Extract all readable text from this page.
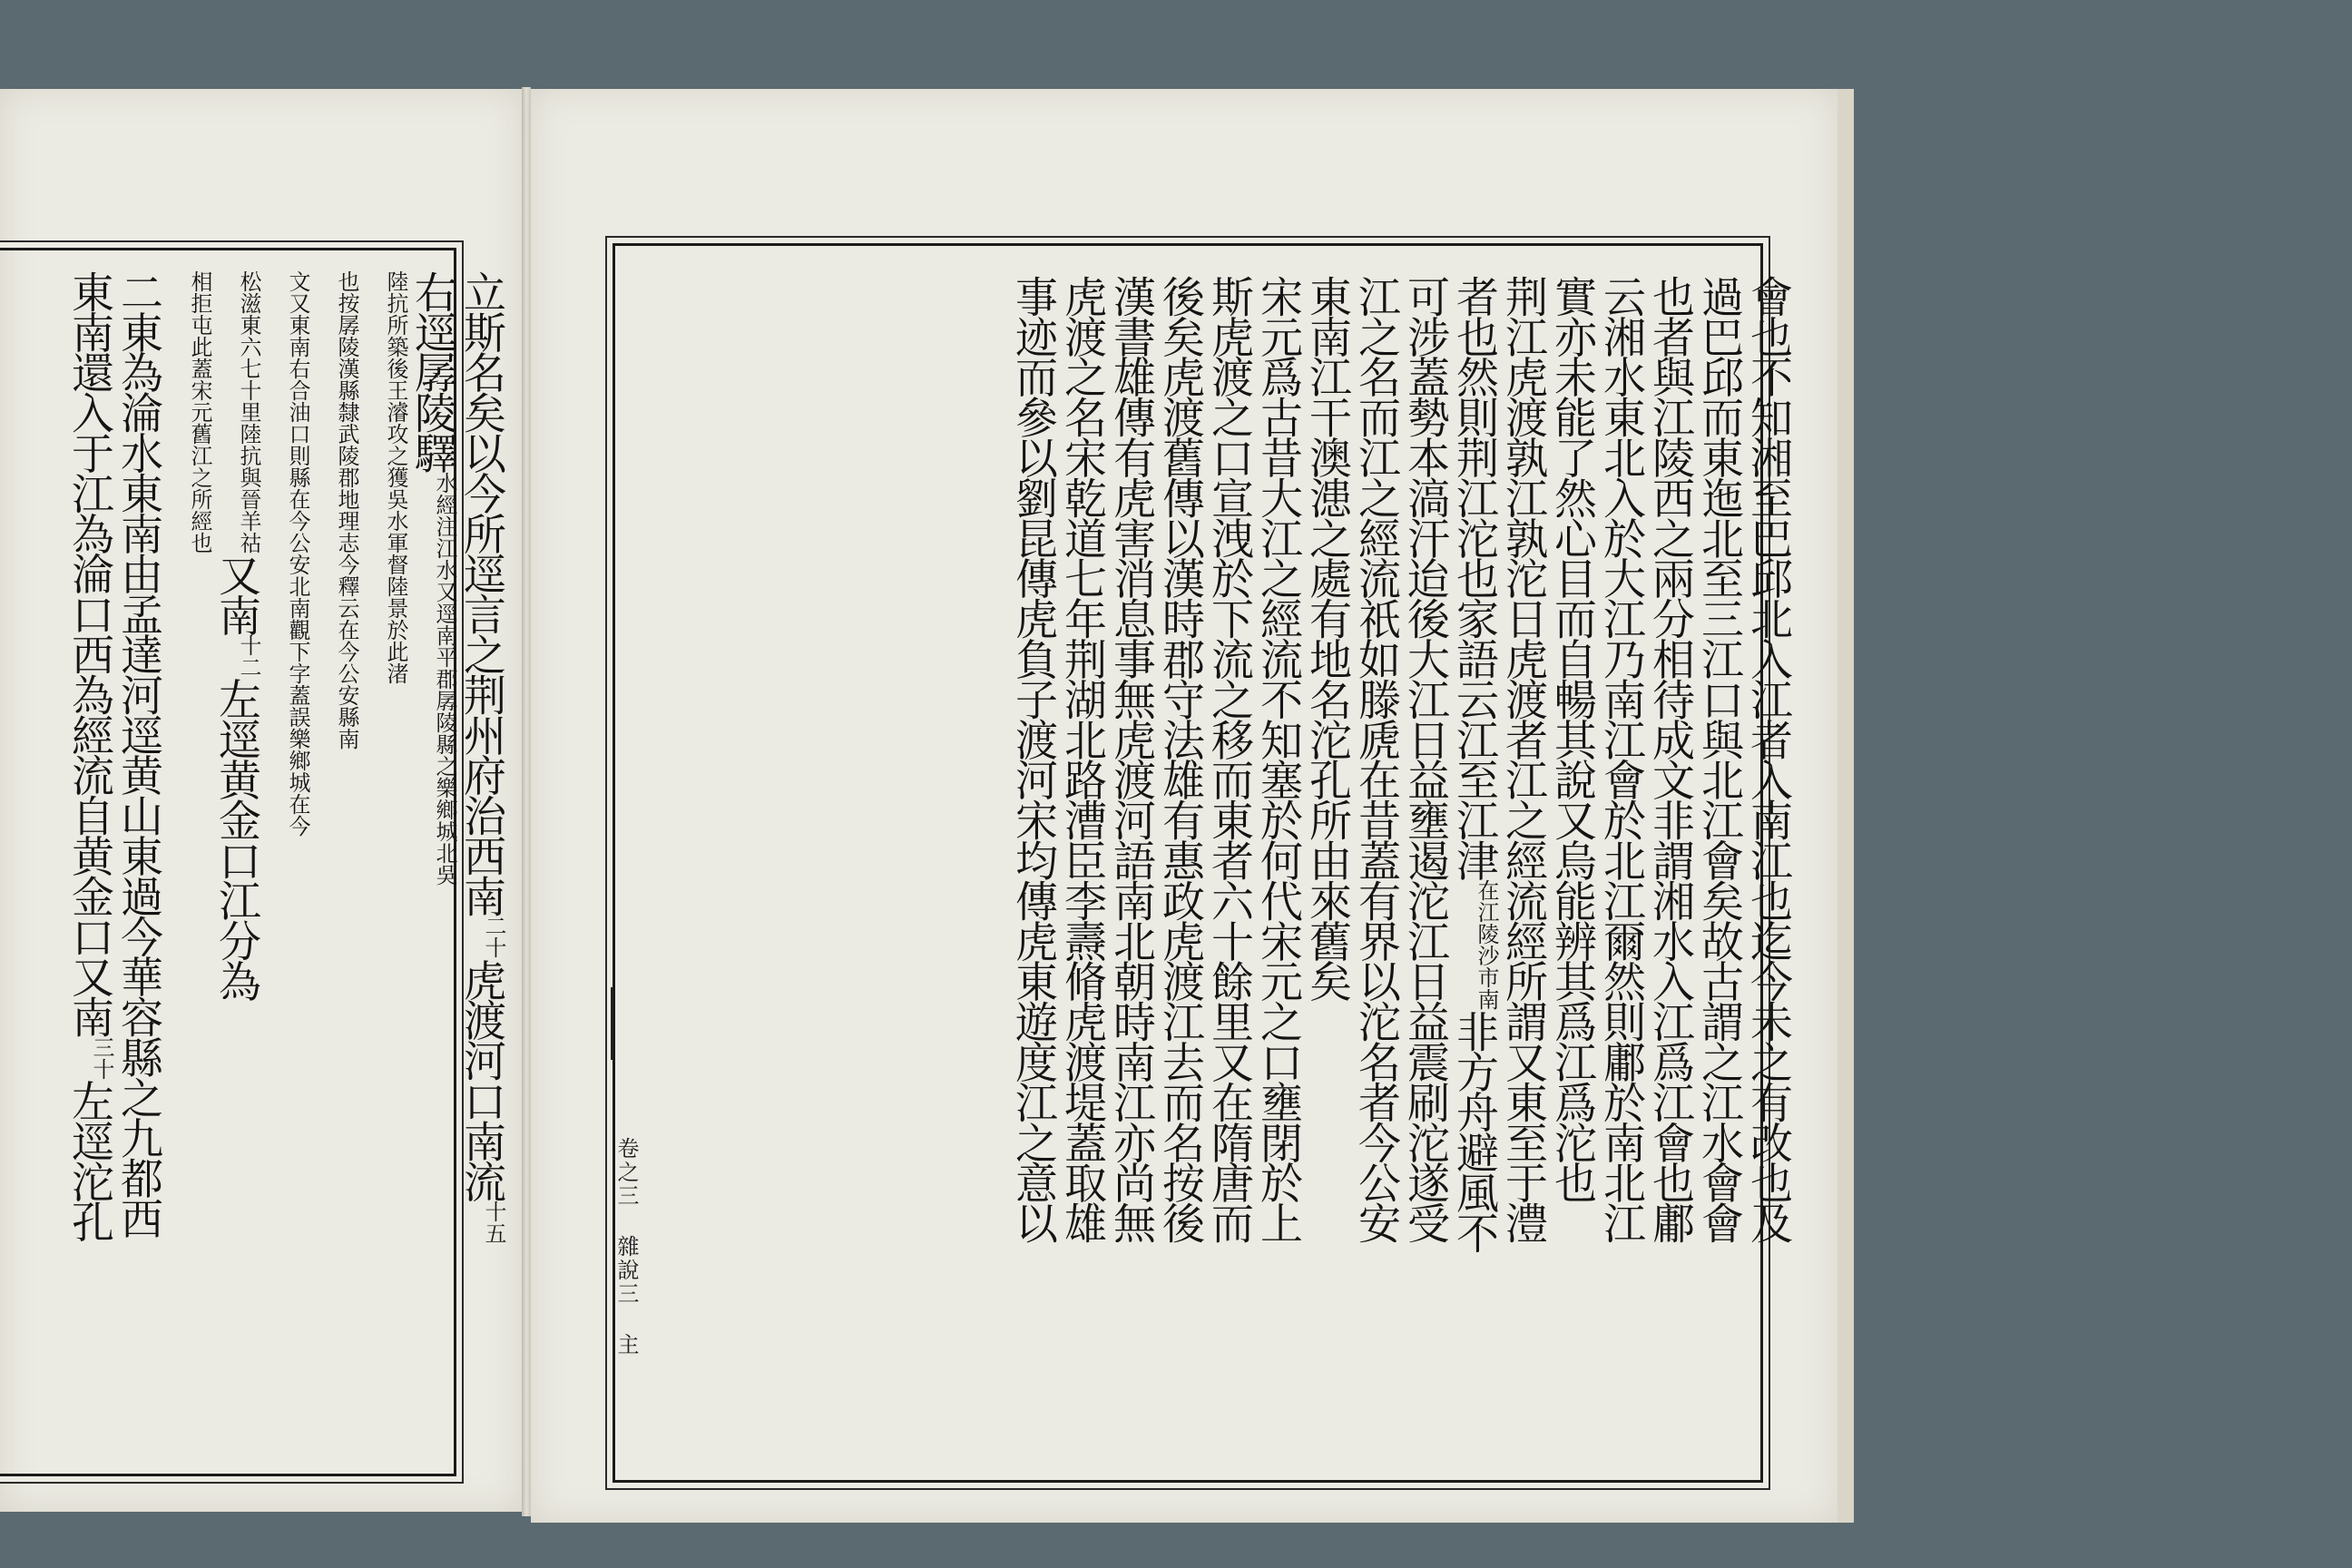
立斯名矣以今所逕言之荆州府治西南二十虎渡河口南流十五
右逕孱陵驛水經注江水又逕南平郡孱陵縣之樂鄉城北吳
陸抗所築後王濬攻之獲吳水軍督陸景於此渚
也按孱陵漢縣隸武陵郡地理志今釋云在今公安縣南
文又東南右合油口則縣在今公安北南觀下字蓋誤樂鄉城在今
松滋東六七十里陸抗與晉羊祜又南十二左逕黄金口江分為
相拒屯此蓋宋元舊江之所經也
二東為淪水東南由孟達河逕黄山東過今華容縣之九都西
東南還入于江為淪口西為經流自黄金口又南三十左逕沱孔	卷之三 雜說三 主
會也不知湘至巴邱北入江者入南江也迄今未之有改也及
過巴邱而東迤北至三江口與北江會矣故古謂之江水會會
也者與江陵西之兩分相待成文非謂湘水入江爲江會也鄘
云湘水東北入於大江乃南江會於北江爾然則鄘於南北江
實亦未能了然心目而自暢其說又烏能辨其爲江爲沱也
荆江虎渡孰江孰沱日虎渡者江之經流經所謂又東至于澧
者也然則荆江沱也家語云江至江津在江陵沙市南非方舟避風不
可涉蓋勢本滈汗迨後大江日益壅遏沱江日益震刷沱遂受
江之名而江之經流祇如滕虒在昔蓋有界以沱名者今公安
東南江干澳漶之處有地名沱孔所由來舊矣
宋元爲古昔大江之經流不知塞於何代宋元之口壅閉於上
斯虎渡之口宣洩於下流之移而東者六十餘里又在隋唐而
後矣虎渡舊傳以漢時郡守法雄有惠政虎渡江去而名按後
漢書雄傳有虎害消息事無虎渡河語南北朝時南江亦尚無
虎渡之名宋乾道七年荆湖北路漕臣李燾脩虎渡堤蓋取雄
事迹而參以劉昆傳虎負子渡河宋均傳虎東遊度江之意以
